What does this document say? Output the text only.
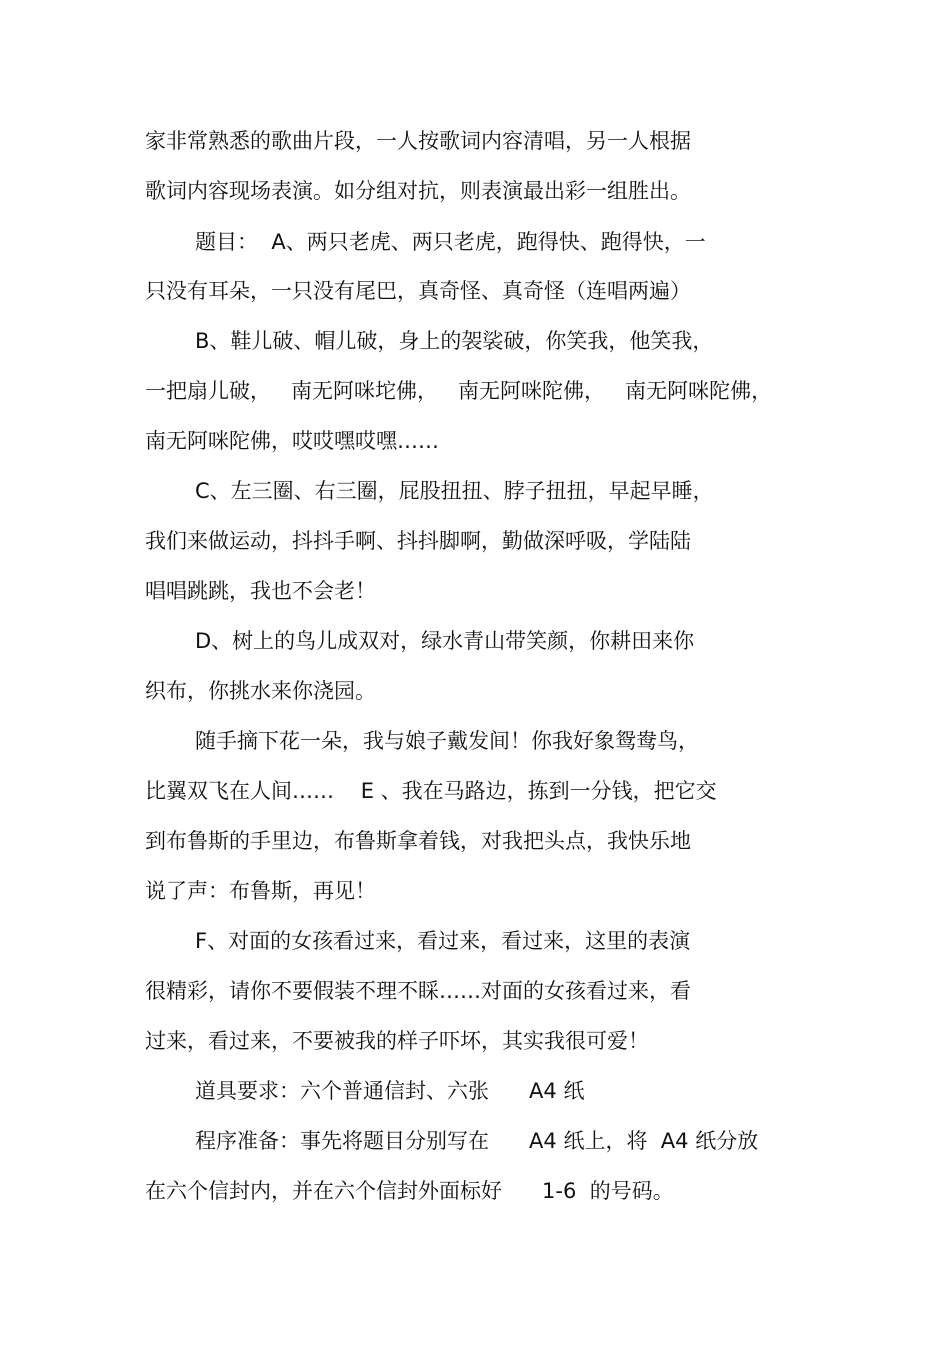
家非常熟悉的歌曲片段，一人按歌词内容清唱，另一人根据

歌词内容现场表演。如分组对抗，则表演最出彩一组胜出。

题目：  A、两只老虎、两只老虎，跑得快、跑得快，一

只没有耳朵，一只没有尾巴，真奇怪、真奇怪（连唱两遍）

B、鞋儿破、帽儿破，身上的袈裟破，你笑我，他笑我，

一把扇儿破，   南无阿咪坨佛，   南无阿咪陀佛，   南无阿咪陀佛，

南无阿咪陀佛，哎哎嘿哎嘿……

C、左三圈、右三圈，屁股扭扭、脖子扭扭，早起早睡，

我们来做运动，抖抖手啊、抖抖脚啊，勤做深呼吸，学陆陆

唱唱跳跳，我也不会老！

D、树上的鸟儿成双对，绿水青山带笑颜，你耕田来你

织布，你挑水来你浇园。

随手摘下花一朵，我与娘子戴发间！你我好象鸳鸯鸟，

比翼双飞在人间……    E 、我在马路边，拣到一分钱，把它交

到布鲁斯的手里边，布鲁斯拿着钱，对我把头点，我快乐地

说了声：布鲁斯，再见！

F、对面的女孩看过来，看过来，看过来，这里的表演

很精彩，请你不要假装不理不睬……对面的女孩看过来，看

过来，看过来，不要被我的样子吓坏，其实我很可爱！

道具要求：六个普通信封、六张      A4 纸

程序准备：事先将题目分别写在      A4 纸上，将  A4 纸分放

在六个信封内，并在六个信封外面标好      1-6  的号码。
